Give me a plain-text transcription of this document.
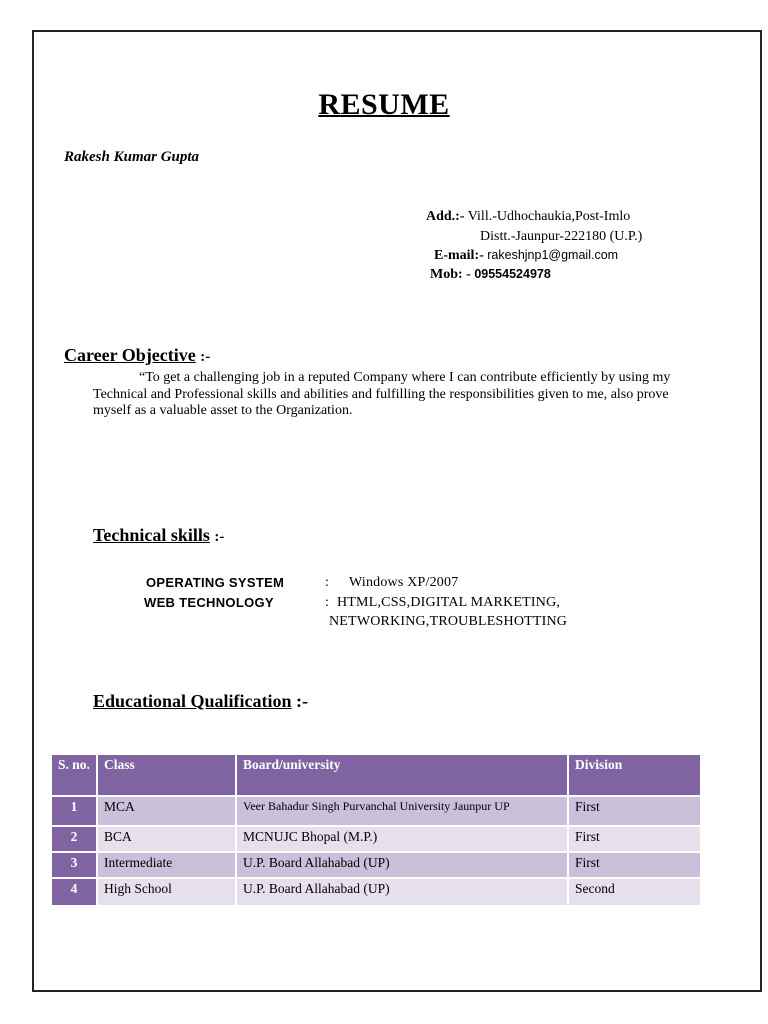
RESUME
Rakesh Kumar Gupta
Add.:- Vill.-Udhochaukia,Post-Imlo
Distt.-Jaunpur-222180 (U.P.)
E-mail:- rakeshjnp1@gmail.com
Mob: - 09554524978
Career Objective :-
“To get a challenging job in a reputed Company where I can contribute efficiently by using my Technical and Professional skills and abilities and fulfilling the responsibilities given to me, also prove myself as a valuable asset to the Organization.
Technical skills :-
OPERATING SYSTEM	: Windows XP/2007
WEB TECHNOLOGY	: HTML,CSS,DIGITAL MARKETING,
NETWORKING,TROUBLESHOTTING
Educational Qualification :-
S. no.	Class	Board/university	Division
1	MCA	Veer Bahadur Singh Purvanchal University Jaunpur UP	First
2	BCA	MCNUJC Bhopal (M.P.)	First
3	Intermediate	U.P. Board Allahabad (UP)	First
4	High School	U.P. Board Allahabad (UP)	Second
